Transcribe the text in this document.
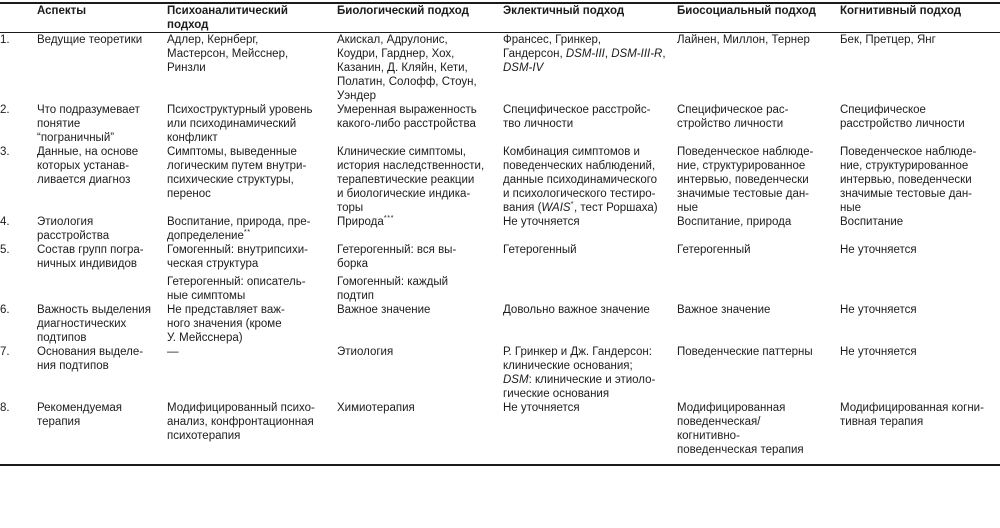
	Аспекты	Психоаналитический
подход	Биологический подход	Эклектичный подход	Биосоциальный подход	Когнитивный подход

1.	Ведущие теоретики	Адлер, Кернберг,
Мастерсон, Мейсснер,
Ринзли	Акискал, Адрулонис,
Коудри, Гарднер, Хох,
Казанин, Д. Кляйн, Кети,
Полатин, Солофф, Стоун,
Уэндер	Франсес, Гринкер,
Гандерсон, DSM-III, DSM-III-R,
DSM-IV	Лайнен, Миллон, Тернер	Бек, Претцер, Янг

2.	Что подразумевает
понятие
“пограничный”	Психоструктурный уровень
или психодинамический
конфликт	Умеренная выраженность
какого-либо расстройства	Специфическое расстройс-
тво личности	Специфическое рас-
стройство личности	Специфическое
расстройство личности

3.	Данные, на основе
которых устанав-
ливается диагноз	Симптомы, выведенные
логическим путем внутри-
психические структуры,
перенос	Клинические симптомы,
история наследственности,
терапевтические реакции
и биологические индика-
торы	Комбинация симптомов и
поведенческих наблюдений,
данные психодинамического
и психологического тестиро-
вания (WAIS*, тест Роршаха)	Поведенческое наблюде-
ние, структурированное
интервью, поведенчески
значимые тестовые дан-
ные	Поведенческое наблюде-
ние, структурированное
интервью, поведенчески
значимые тестовые дан-
ные

4.	Этиология
расстройства	Воспитание, природа, пре-
допределение**	Природа***	Не уточняется	Воспитание, природа	Воспитание

5.	Состав групп погра-
ничных индивидов

Гомогенный: внутрипсихи-
ческая структура
Гетерогенный: описатель-
ные симптомы

Гетерогенный: вся вы-
борка
Гомогенный: каждый
подтип

Гетерогенный	Гетерогенный	Не уточняется

6.	Важность выделения
диагностических
подтипов	Не представляет важ-
ного значения (кроме
У. Мейсснера)	Важное значение	Довольно важное значение	Важное значение	Не уточняется

7.	Основания выделе-
ния подтипов	—	Этиология	Р. Гринкер и Дж. Гандерсон:
клинические основания;
DSM: клинические и этиоло-
гические основания	Поведенческие паттерны	Не уточняется

8.	Рекомендуемая
терапия	Модифицированный психо-
анализ, конфронтационная
психотерапия	Химиотерапия	Не уточняется	Модифицированная
поведенческая/
когнитивно-
поведенческая терапия	Модифицированная когни-
тивная терапия
